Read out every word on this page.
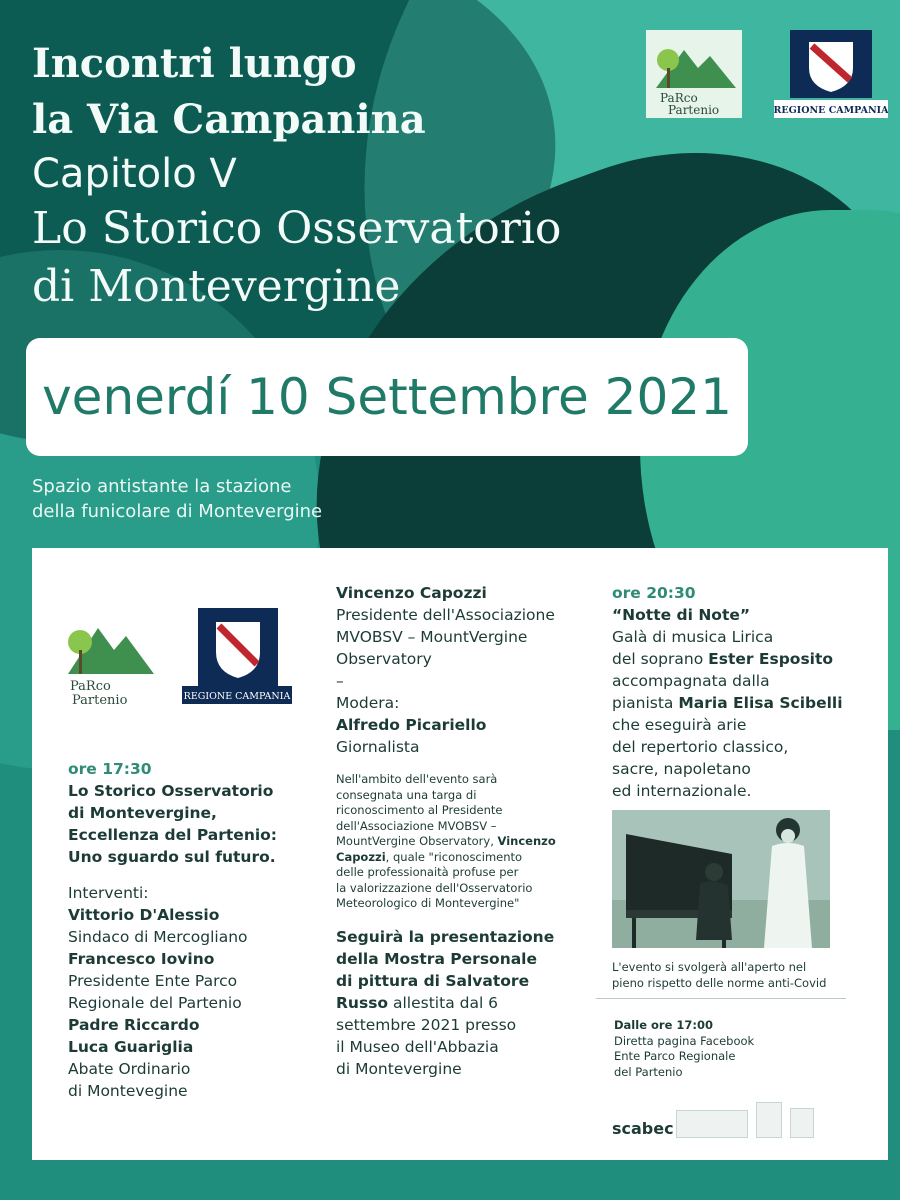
Incontri lungo

la Via Campanina

Capitolo V

Lo Storico Osservatorio

di Montevergine

PaRco
Partenio	REGIONE CAMPANIA
venerdí 10 Settembre 2021
Spazio antistante la stazione
della funicolare di Montevergine
PaRco
Partenio	REGIONE CAMPANIA

ore 17:30

Lo Storico Osservatorio

di Montevergine,

Eccellenza del Partenio:

Uno sguardo sul futuro.

Interventi:

Vittorio D'Alessio

Sindaco di Mercogliano

Francesco Iovino

Presidente Ente Parco

Regionale del Partenio

Padre Riccardo

Luca Guariglia

Abate Ordinario

di Montevegine

Vincenzo Capozzi

Presidente dell'Associazione

MVOBSV – MountVergine

Observatory

–

Modera:

Alfredo Picariello

Giornalista

Nell'ambito dell'evento sarà

consegnata una targa di

riconoscimento al Presidente

dell'Associazione MVOBSV –

MountVergine Observatory, Vincenzo

Capozzi, quale "riconoscimento

delle professionaità profuse per

la valorizzazione dell'Osservatorio

Meteorologico di Montevergine"

Seguirà la presentazione

della Mostra Personale

di pittura di Salvatore

Russo allestita dal 6

settembre 2021 presso

il Museo dell'Abbazia

di Montevergine

ore 20:30

“Notte di Note”

Galà di musica Lirica

del soprano Ester Esposito

accompagnata dalla

pianista Maria Elisa Scibelli

che eseguirà arie

del repertorio classico,

sacre, napoletano

ed internazionale.

L'evento si svolgerà all'aperto nel

pieno rispetto delle norme anti-Covid

Dalle ore 17:00

Diretta pagina Facebook

Ente Parco Regionale

del Partenio

scabec
